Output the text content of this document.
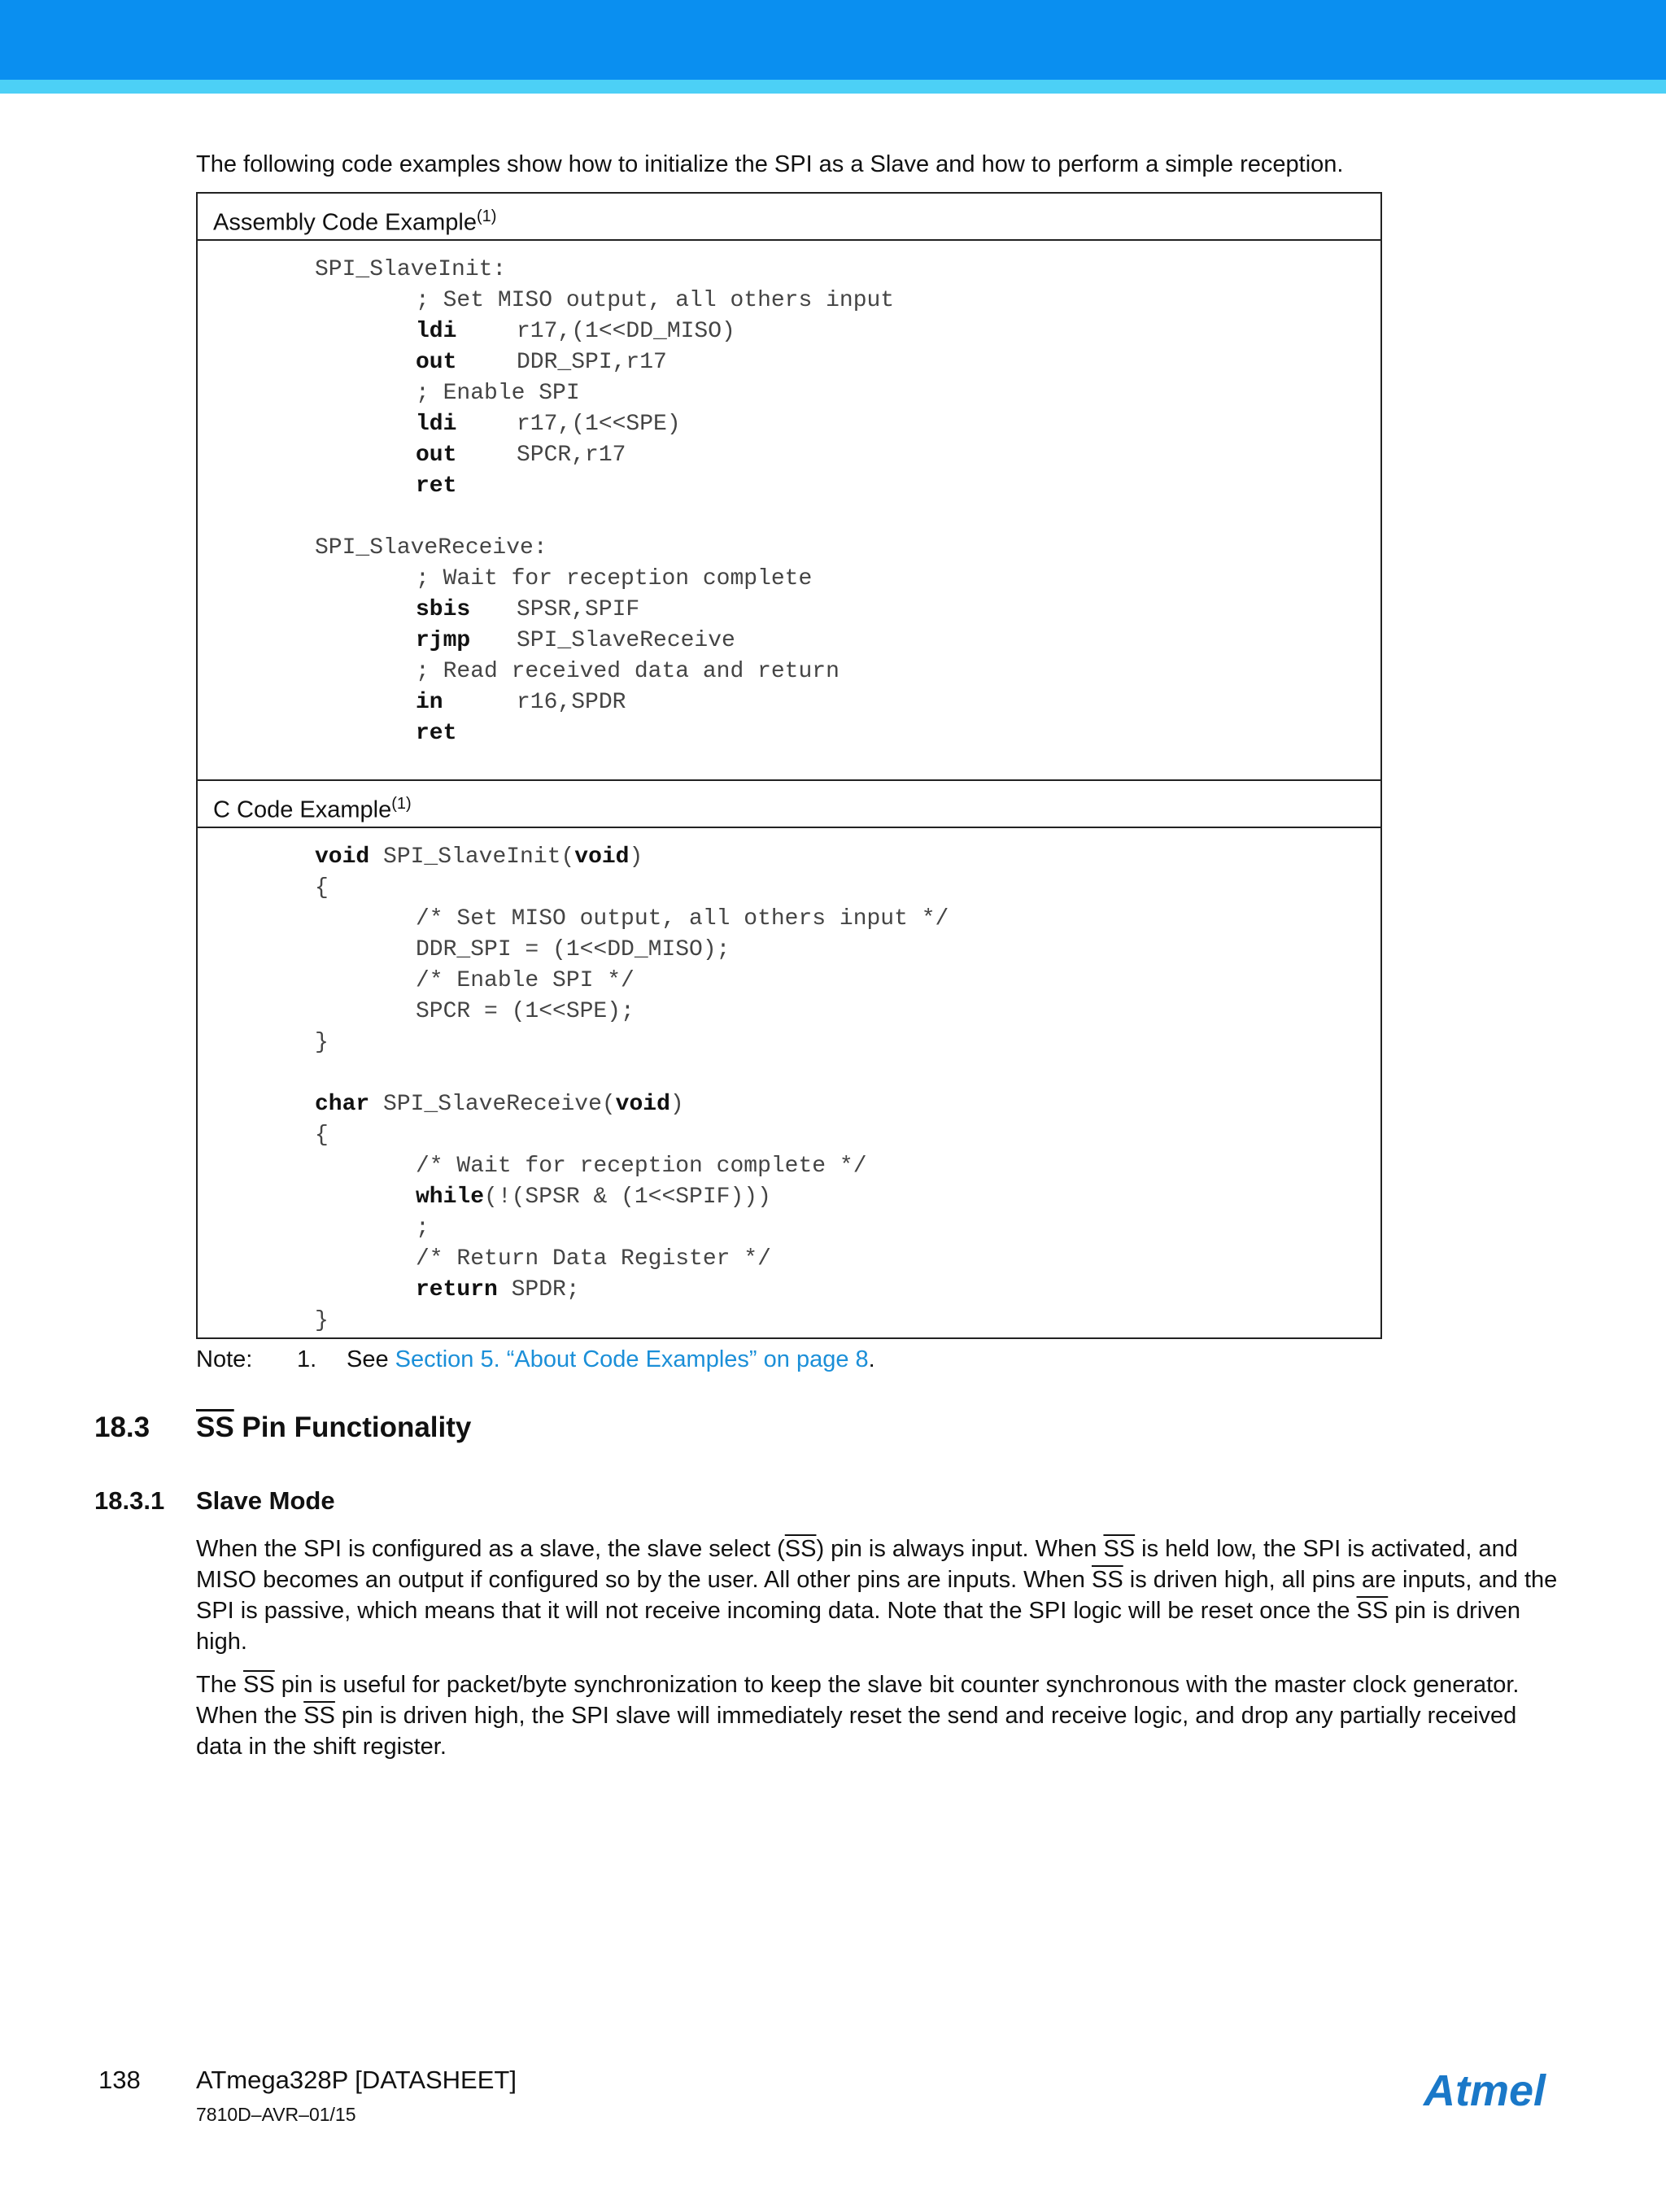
The following code examples show how to initialize the SPI as a Slave and how to perform a simple reception.
Assembly Code Example$^{(1)}$
SPI_SlaveInit:
; Set MISO output, all others input
ldi	r17,(1<<DD_MISO)
out	DDR_SPI,r17
; Enable SPI
ldi	r17,(1<<SPE)
out	SPCR,r17
ret
SPI_SlaveReceive:
; Wait for reception complete
sbis SPSR,SPIF
rjmp SPI_SlaveReceive
; Read received data and return
in	r16,SPDR
ret
C Code Example$^{(1)}$
void SPI_SlaveInit(void)
{
/* Set MISO output, all others input */
DDR_SPI = (1<<DD_MISO);
/* Enable SPI */
SPCR = (1<<SPE);
}
char SPI_SlaveReceive(void)
{
/* Wait for reception complete */
while(!(SPSR & (1<<SPIF)))
;
/* Return Data Register */
return SPDR;
}
Note: 1. See Section 5. “About Code Examples” on page 8.
18.3 $\overline{SS}$ Pin Functionality
18.3.1 Slave Mode
When the SPI is configured as a slave, the slave select $(\overline{SS})$ pin is always input. When $\overline{SS}$ is held low, the SPI is activated, and MISO becomes an output if configured so by the user. All other pins are inputs. When $\overline{SS}$ is driven high, all pins are inputs, and the SPI is passive, which means that it will not receive incoming data. Note that the SPI logic will be reset once the $\overline{SS}$ pin is driven high.
The $\overline{SS}$ pin is useful for packet/byte synchronization to keep the slave bit counter synchronous with the master clock generator. When the $\overline{SS}$ pin is driven high, the SPI slave will immediately reset the send and receive logic, and drop any partially received data in the shift register.
138 ATmega328P [DATASHEET]
7810D–AVR–01/15	Atmel
